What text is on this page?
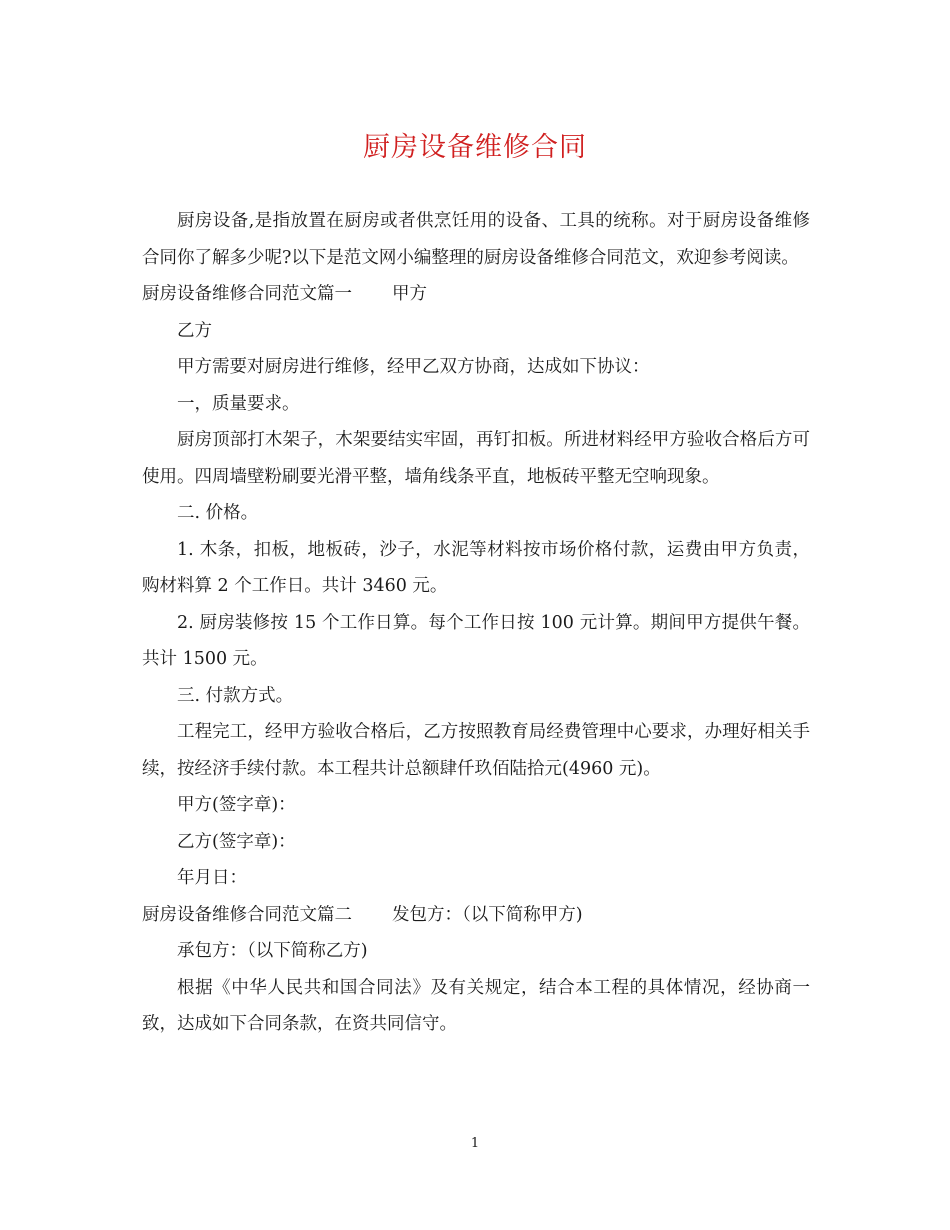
厨房设备维修合同

厨房设备,是指放置在厨房或者供烹饪用的设备、工具的统称。对于厨房设备维修合同你了解多少呢?以下是范文网小编整理的厨房设备维修合同范文，欢迎参考阅读。

厨房设备维修合同范文篇一 甲方

乙方

甲方需要对厨房进行维修，经甲乙双方协商，达成如下协议：

一，质量要求。

厨房顶部打木架子，木架要结实牢固，再钉扣板。所进材料经甲方验收合格后方可使用。四周墙壁粉刷要光滑平整，墙角线条平直，地板砖平整无空响现象。

二. 价格。

1. 木条，扣板，地板砖，沙子，水泥等材料按市场价格付款，运费由甲方负责，购材料算 2 个工作日。共计 3460 元。

2. 厨房装修按 15 个工作日算。每个工作日按 100 元计算。期间甲方提供午餐。共计 1500 元。

三. 付款方式。

工程完工，经甲方验收合格后，乙方按照教育局经费管理中心要求，办理好相关手续，按经济手续付款。本工程共计总额肆仟玖佰陆拾元(4960 元)。

甲方(签字章)：

乙方(签字章)：

年月日：

厨房设备维修合同范文篇二 发包方：（以下简称甲方)

承包方：（以下简称乙方)

根据《中华人民共和国合同法》及有关规定，结合本工程的具体情况，经协商一致，达成如下合同条款，在资共同信守。

1
